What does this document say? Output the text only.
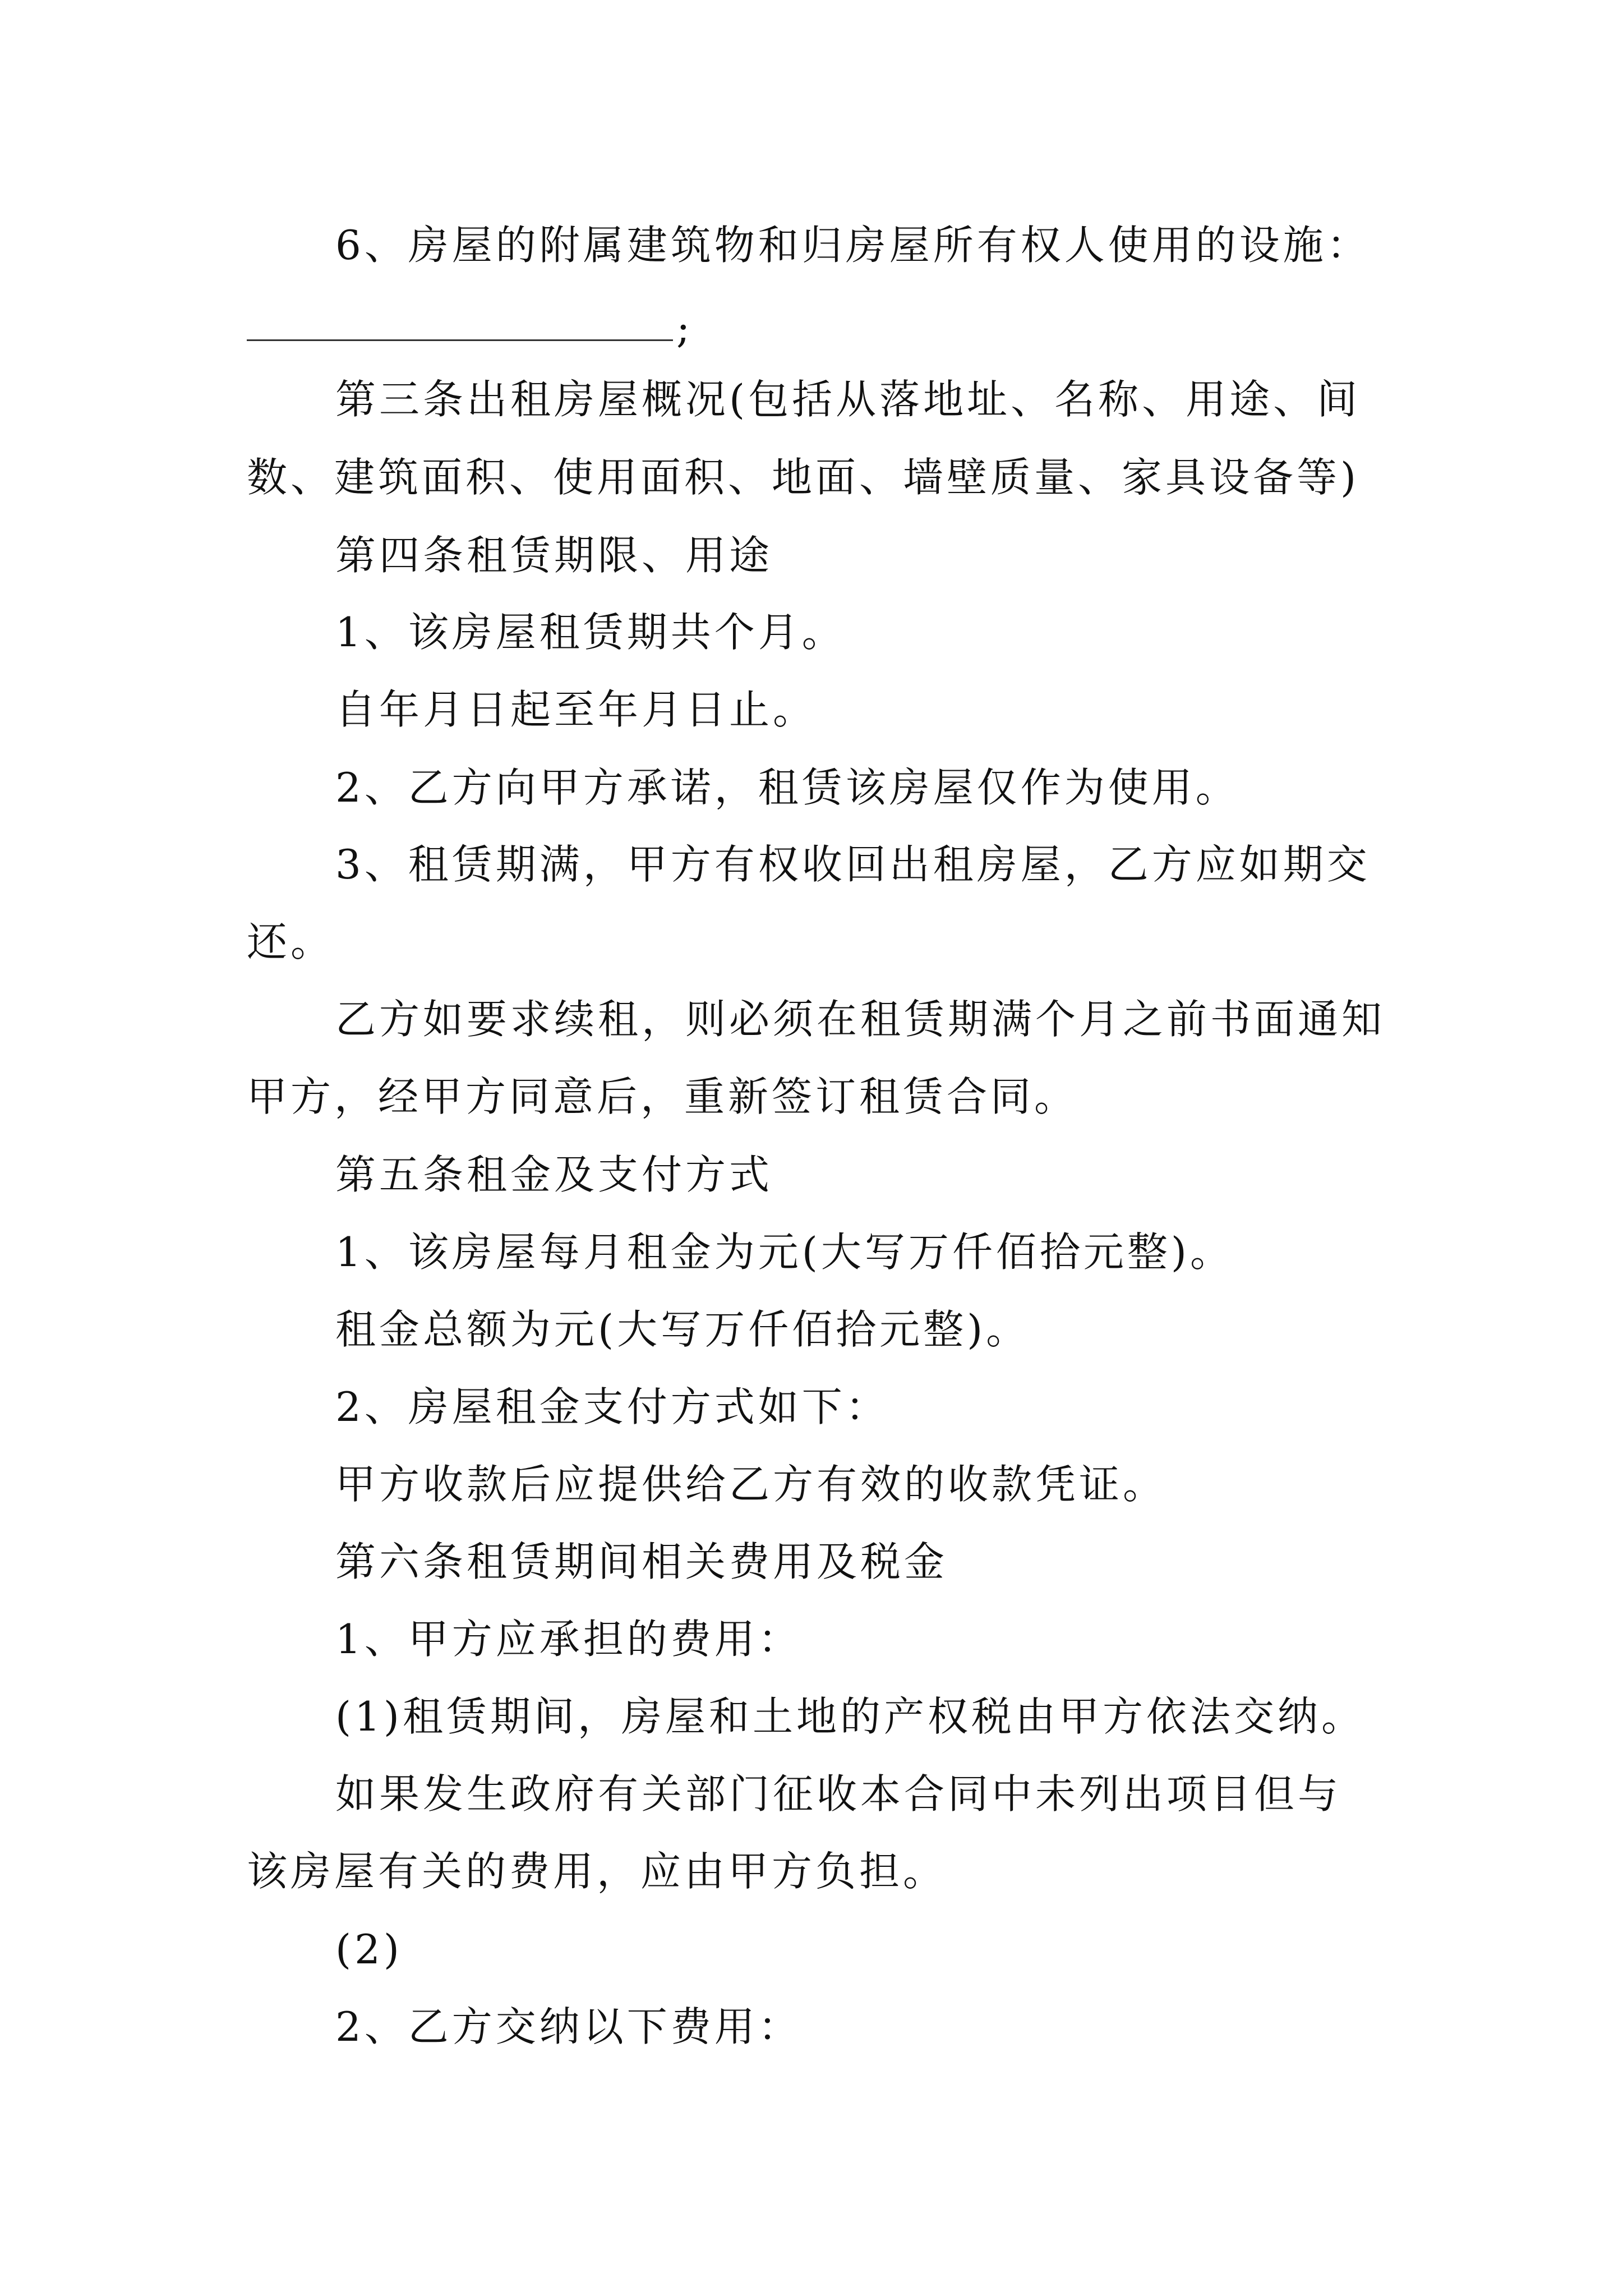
6、房屋的附属建筑物和归房屋所有权人使用的设施：
;
第三条出租房屋概况(包括从落地址、名称、用途、间
数、建筑面积、使用面积、地面、墙壁质量、家具设备等)
第四条租赁期限、用途
1、该房屋租赁期共个月。
自年月日起至年月日止。
2、乙方向甲方承诺，租赁该房屋仅作为使用。
3、租赁期满，甲方有权收回出租房屋，乙方应如期交
还。
乙方如要求续租，则必须在租赁期满个月之前书面通知
甲方，经甲方同意后，重新签订租赁合同。
第五条租金及支付方式
1、该房屋每月租金为元(大写万仟佰拾元整)。
租金总额为元(大写万仟佰拾元整)。
2、房屋租金支付方式如下：
甲方收款后应提供给乙方有效的收款凭证。
第六条租赁期间相关费用及税金
1、甲方应承担的费用：
(1)租赁期间，房屋和土地的产权税由甲方依法交纳。
如果发生政府有关部门征收本合同中未列出项目但与
该房屋有关的费用，应由甲方负担。
(2)
2、乙方交纳以下费用：
